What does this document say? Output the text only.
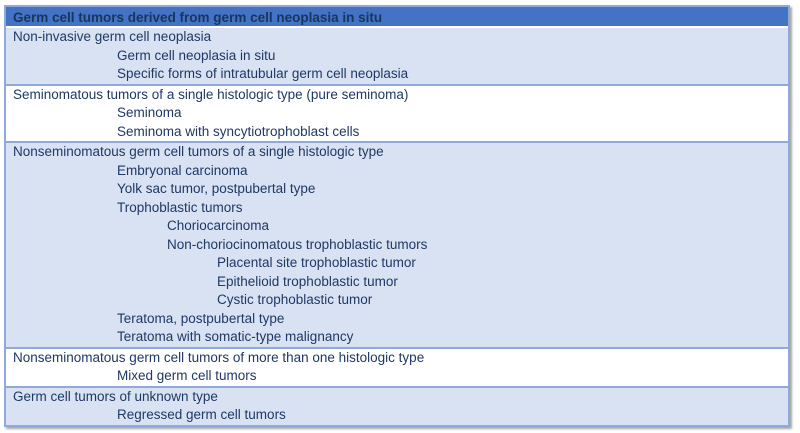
Germ cell tumors derived from germ cell neoplasia in situ
Non-invasive germ cell neoplasia
Germ cell neoplasia in situ
Specific forms of intratubular germ cell neoplasia
Seminomatous tumors of a single histologic type (pure seminoma)
Seminoma
Seminoma with syncytiotrophoblast cells
Nonseminomatous germ cell tumors of a single histologic type
Embryonal carcinoma
Yolk sac tumor, postpubertal type
Trophoblastic tumors
Choriocarcinoma
Non-choriocinomatous trophoblastic tumors
Placental site trophoblastic tumor
Epithelioid trophoblastic tumor
Cystic trophoblastic tumor
Teratoma, postpubertal type
Teratoma with somatic-type malignancy
Nonseminomatous germ cell tumors of more than one histologic type
Mixed germ cell tumors
Germ cell tumors of unknown type
Regressed germ cell tumors
